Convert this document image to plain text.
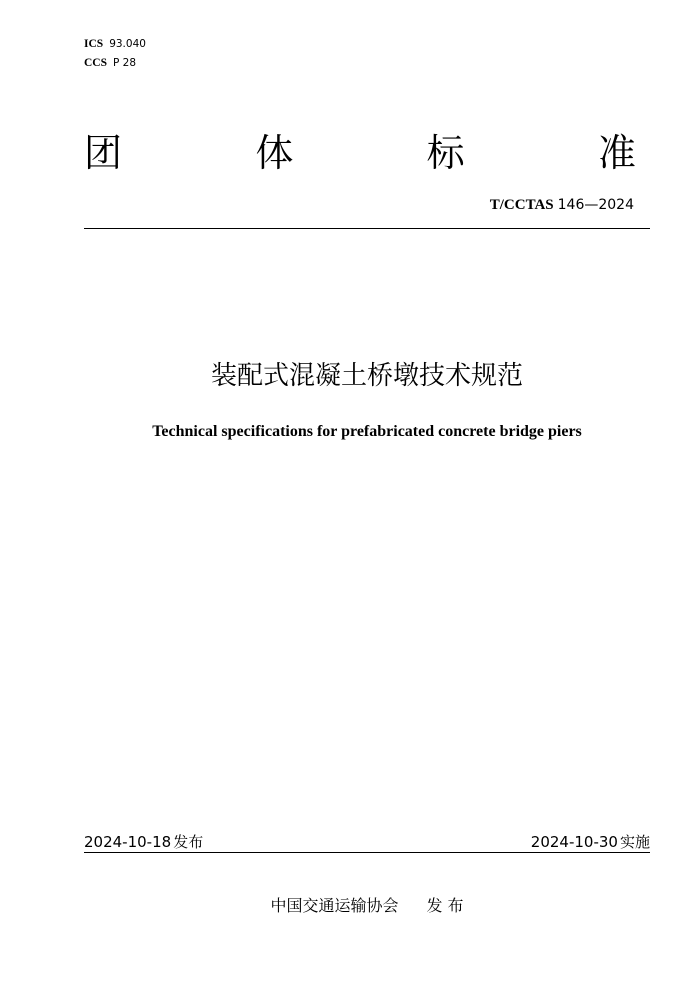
ICS 93.040
CCS P 28
团	体	标	准
T/CCTAS 146—2024
装配式混凝土桥墩技术规范
Technical specifications for prefabricated concrete bridge piers
2024-10-18 发布	2024-10-30 实施
中国交通运输协会 发 布
